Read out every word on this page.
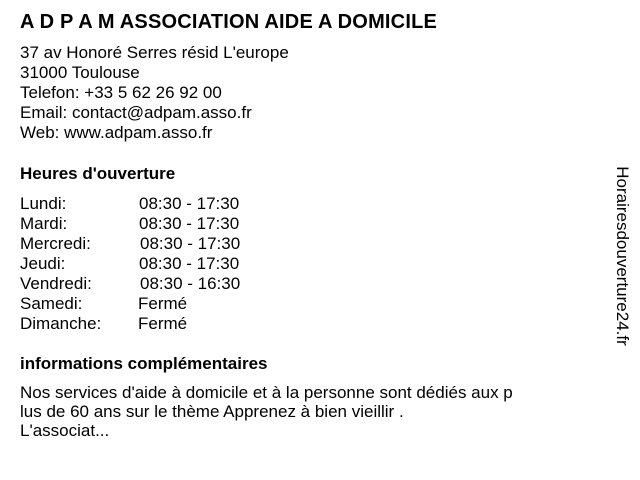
A D P A M ASSOCIATION AIDE A DOMICILE
37 av Honoré Serres résid L'europe
31000 Toulouse
Telefon: +33 5 62 26 92 00
Email: contact@adpam.asso.fr
Web: www.adpam.asso.fr
Heures d'ouverture
Lundi:	08:30 - 17:30
Mardi:	08:30 - 17:30
Mercredi:	08:30 - 17:30
Jeudi:	08:30 - 17:30
Vendredi:	08:30 - 16:30
Samedi:	Fermé
Dimanche: Fermé
informations complémentaires
Nos services d'aide à domicile et à la personne sont dédiés aux p
lus de 60 ans sur le thème Apprenez à bien vieillir .
L'associat...
Horairesdouverture24.fr
